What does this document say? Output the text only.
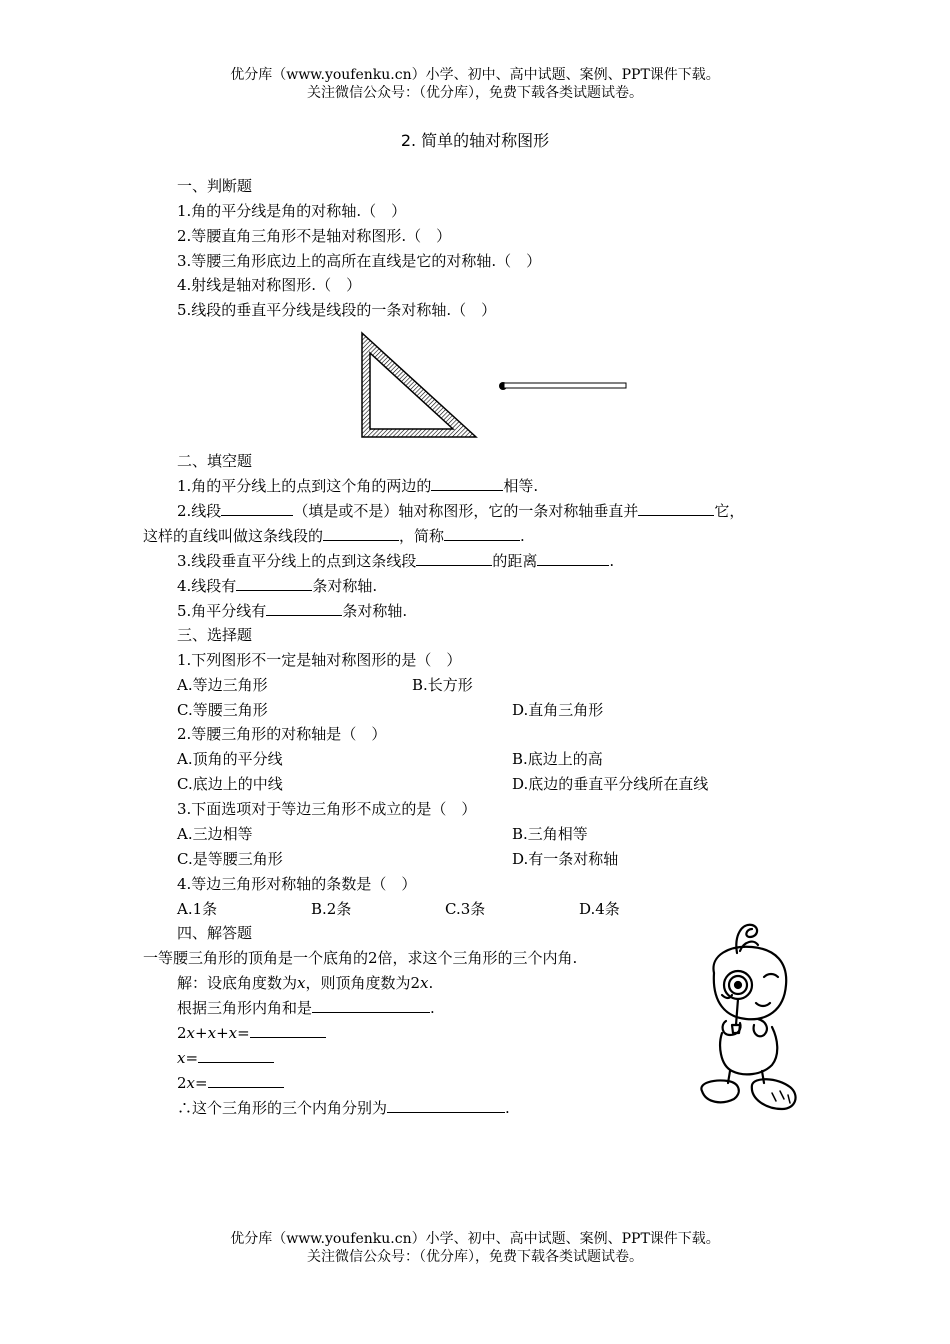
优分库（www.youfenku.cn）小学、初中、高中试题、案例、PPT课件下载。
关注微信公众号：（优分库），免费下载各类试题试卷。
2. 简单的轴对称图形
一、判断题
1.角的平分线是角的对称轴.（　）
2.等腰直角三角形不是轴对称图形.（　）
3.等腰三角形底边上的高所在直线是它的对称轴.（　）
4.射线是轴对称图形.（　）
5.线段的垂直平分线是线段的一条对称轴.（　）
二、填空题
1.角的平分线上的点到这个角的两边的	相等.
2.线段	（填是或不是）轴对称图形，它的一条对称轴垂直并	它，
这样的直线叫做这条线段的	，简称	.
3.线段垂直平分线上的点到这条线段	的距离	.
4.线段有	条对称轴.
5.角平分线有	条对称轴.
三、选择题
1.下列图形不一定是轴对称图形的是（　）
A.等边三角形	B.长方形
C.等腰三角形	D.直角三角形
2.等腰三角形的对称轴是（　）
A.顶角的平分线	B.底边上的高
C.底边上的中线	D.底边的垂直平分线所在直线
3.下面选项对于等边三角形不成立的是（　）
A.三边相等	B.三角相等
C.是等腰三角形	D.有一条对称轴
4.等边三角形对称轴的条数是（　）
A.1条	B.2条	C.3条	D.4条
四、解答题
一等腰三角形的顶角是一个底角的2倍，求这个三角形的三个内角.
解：设底角度数为x，则顶角度数为2x.
根据三角形内角和是	.
2x+x+x=
x=
2x=
∴这个三角形的三个内角分别为	.
优分库（www.youfenku.cn）小学、初中、高中试题、案例、PPT课件下载。
关注微信公众号：（优分库），免费下载各类试题试卷。
